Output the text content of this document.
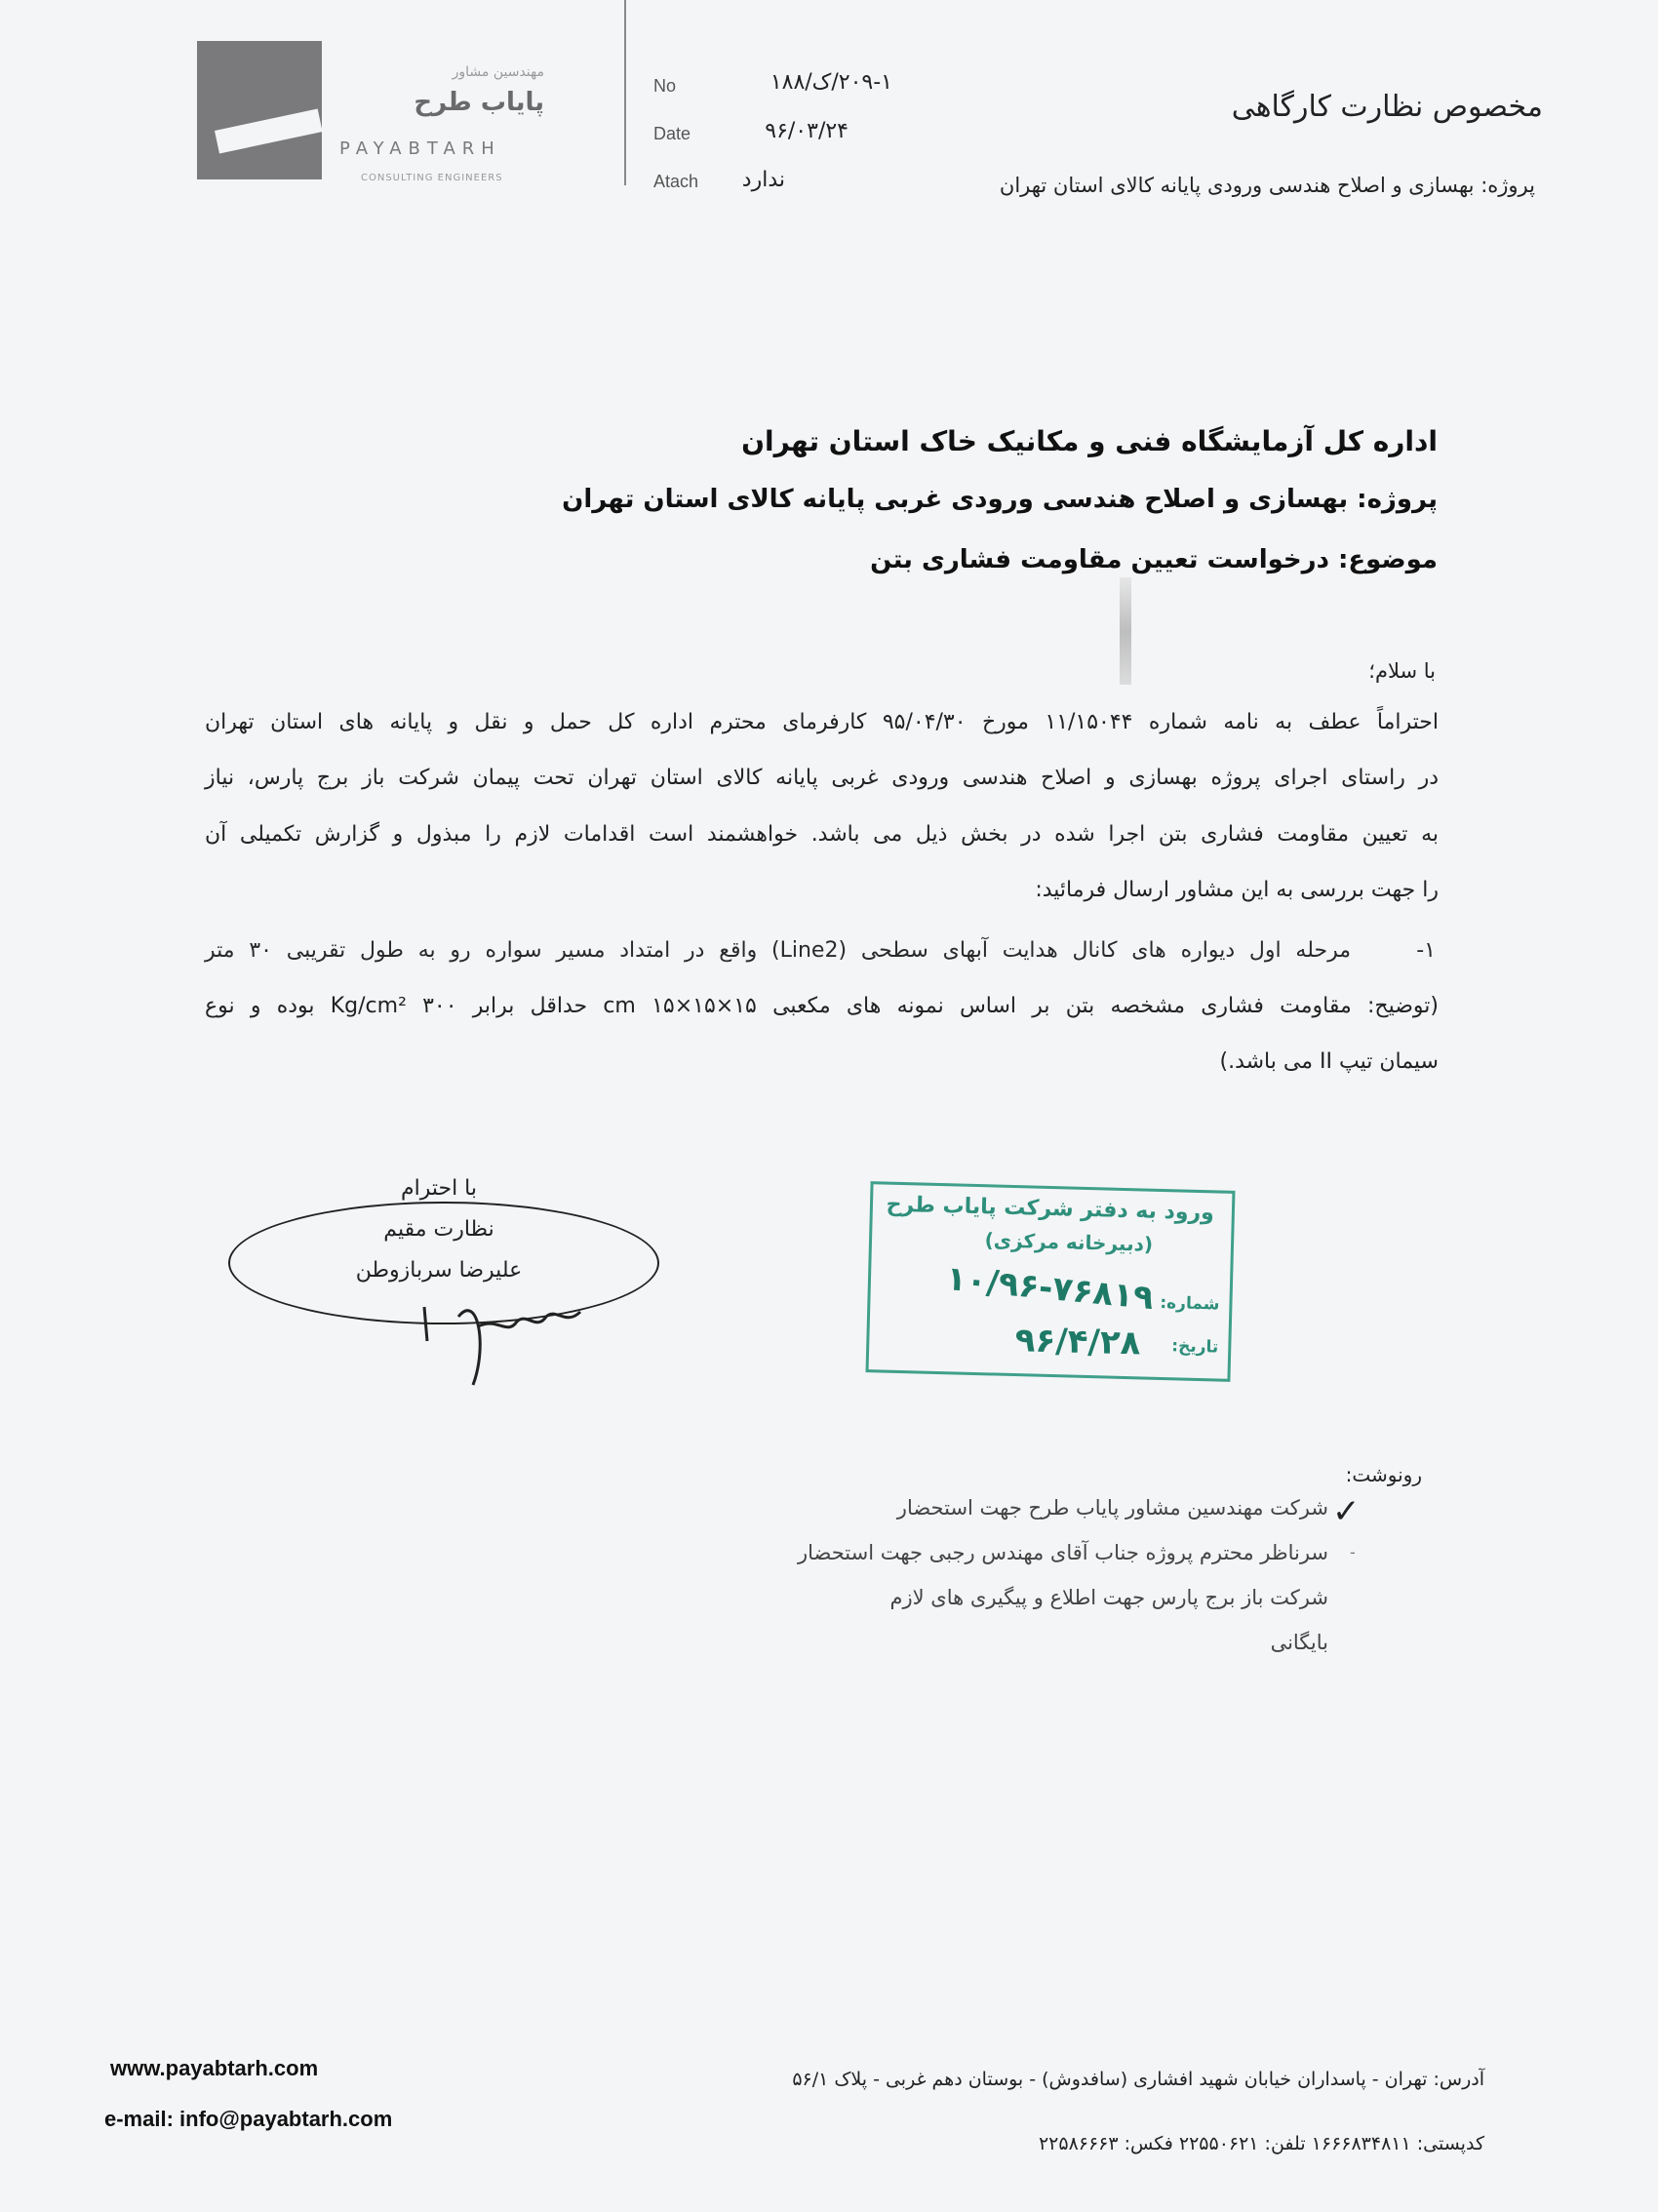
مهندسین مشاور
پاياب طرح
PAYABTARH
CONSULTING ENGINEERS
No	۲۰۹-۱/ک/۱۸۸
Date	۹۶/۰۳/۲۴
Atach ندارد
مخصوص نظارت کارگاهی
پروژه: بهسازی و اصلاح هندسی ورودی پایانه کالای استان تهران
اداره کل آزمایشگاه فنی و مکانیک خاک استان تهران
پروژه: بهسازی و اصلاح هندسی ورودی غربی پایانه کالای استان تهران
موضوع: درخواست تعیین مقاومت فشاری بتن
با سلام؛
احتراماً عطف به نامه شماره ۱۱/۱۵۰۴۴ مورخ ۹۵/۰۴/۳۰ کارفرمای محترم اداره کل حمل و نقل و پایانه های استان تهران
در راستای اجرای پروژه بهسازی و اصلاح هندسی ورودی غربی پایانه کالای استان تهران تحت پیمان شرکت باز برج پارس، نیاز
به تعیین مقاومت فشاری بتن اجرا شده در بخش ذیل می باشد. خواهشمند است اقدامات لازم را مبذول و گزارش تکمیلی آن
را جهت بررسی به این مشاور ارسال فرمائید:
۱-
مرحله اول دیواره های کانال هدایت آبهای سطحی (Line2) واقع در امتداد مسیر سواره رو به طول تقریبی ۳۰ متر
(توضیح: مقاومت فشاری مشخصه بتن بر اساس نمونه های مکعبی cm ۱۵×۱۵×۱۵ حداقل برابر Kg/cm² ۳۰۰ بوده و نوع
سیمان تیپ II می باشد.)
با احترام
نظارت مقیم
علیرضا سربازوطن
ورود به دفتر شرکت پایاب طرح
(دبیرخانه مرکزی)
شماره:
۱۰/۹۶-۷۶۸۱۹
تاریخ:
۹۶/۴/۲۸
رونوشت:
✓
شرکت مهندسین مشاور پایاب طرح جهت استحضار
-
سرناظر محترم پروژه جناب آقای مهندس رجبی جهت استحضار
شرکت باز برج پارس جهت اطلاع و پیگیری های لازم
بایگانی
www.payabtarh.com
e-mail: info@payabtarh.com
آدرس: تهران - پاسداران خیابان شهید افشاری (سافدوش) - بوستان دهم غربی - پلاک ۵۶/۱
کدپستی: ۱۶۶۶۸۳۴۸۱۱ تلفن: ۲۲۵۵۰۶۲۱ فکس: ۲۲۵۸۶۶۶۳
